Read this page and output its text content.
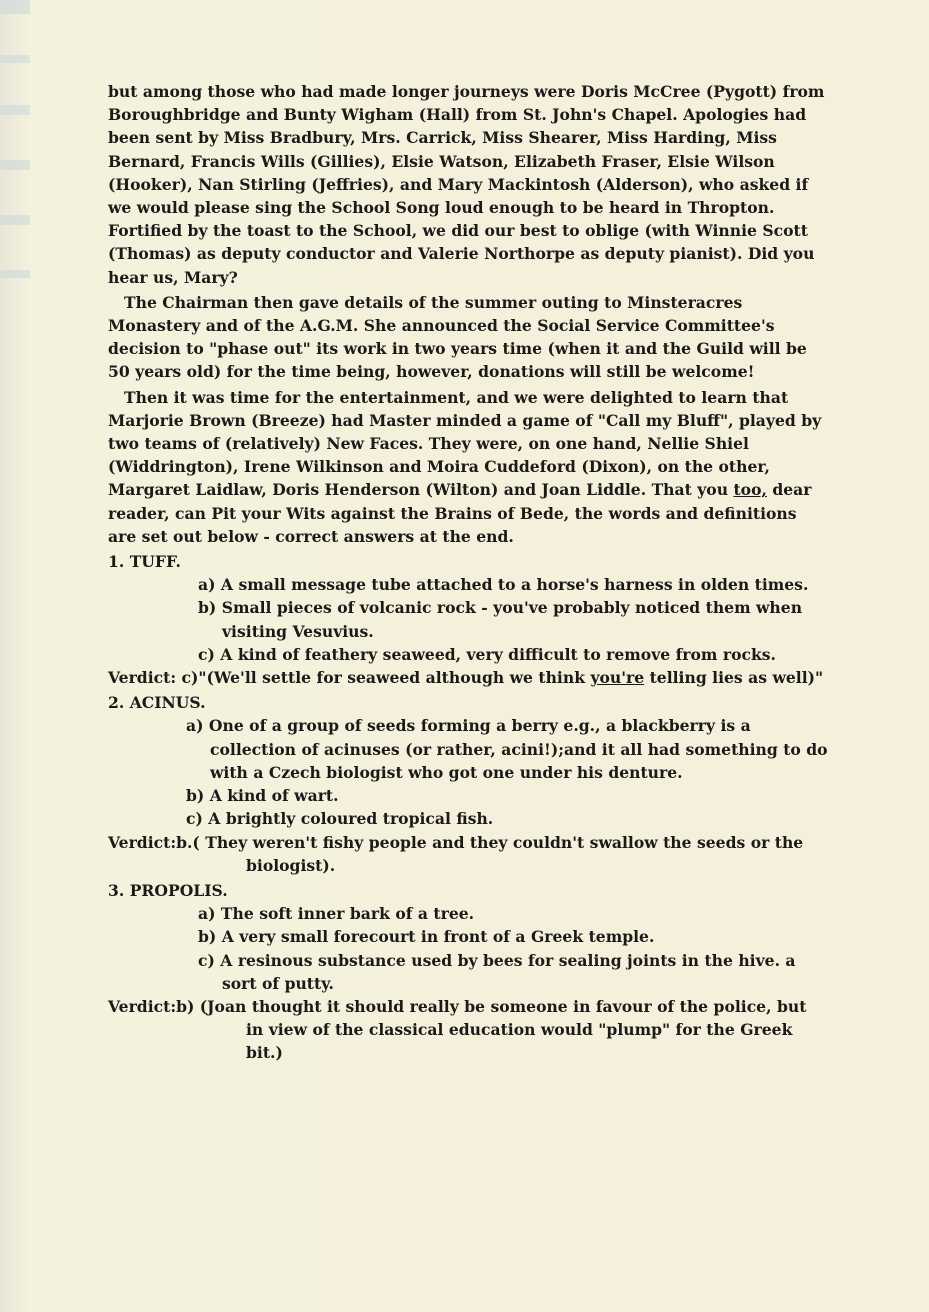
but among those who had made longer journeys were Doris McCree (Pygott) from Boroughbridge and Bunty Wigham (Hall) from St. John's Chapel. Apologies had been sent by Miss Bradbury, Mrs. Carrick, Miss Shearer, Miss Harding, Miss Bernard, Francis Wills (Gillies), Elsie Watson, Elizabeth Fraser, Elsie Wilson (Hooker), Nan Stirling (Jeffries), and Mary Mackintosh (Alderson), who asked if we would please sing the School Song loud enough to be heard in Thropton. Fortified by the toast to the School, we did our best to oblige (with Winnie Scott (Thomas) as deputy conductor and Valerie Northorpe as deputy pianist). Did you hear us, Mary?

The Chairman then gave details of the summer outing to Minsteracres Monastery and of the A.G.M. She announced the Social Service Committee's decision to "phase out" its work in two years time (when it and the Guild will be 50 years old) for the time being, however, donations will still be welcome!

Then it was time for the entertainment, and we were delighted to learn that Marjorie Brown (Breeze) had Master minded a game of "Call my Bluff", played by two teams of (relatively) New Faces. They were, on one hand, Nellie Shiel (Widdrington), Irene Wilkinson and Moira Cuddeford (Dixon), on the other, Margaret Laidlaw, Doris Henderson (Wilton) and Joan Liddle. That you too, dear reader, can Pit your Wits against the Brains of Bede, the words and definitions are set out below - correct answers at the end.

1. TUFF.

a) A small message tube attached to a horse's harness in olden times.

b) Small pieces of volcanic rock - you've probably noticed them when visiting Vesuvius.

c) A kind of feathery seaweed, very difficult to remove from rocks.

Verdict: c)"(We'll settle for seaweed although we think you're telling lies as well)"

2. ACINUS.

a) One of a group of seeds forming a berry e.g., a blackberry is a collection of acinuses (or rather, acini!);and it all had something to do with a Czech biologist who got one under his denture.

b) A kind of wart.

c) A brightly coloured tropical fish.

Verdict:b.( They weren't fishy people and they couldn't swallow the seeds or the biologist).

3. PROPOLIS.

a) The soft inner bark of a tree.

b) A very small forecourt in front of a Greek temple.

c) A resinous substance used by bees for sealing joints in the hive. a sort of putty.

Verdict:b) (Joan thought it should really be someone in favour of the police, but in view of the classical education would "plump" for the Greek bit.)
